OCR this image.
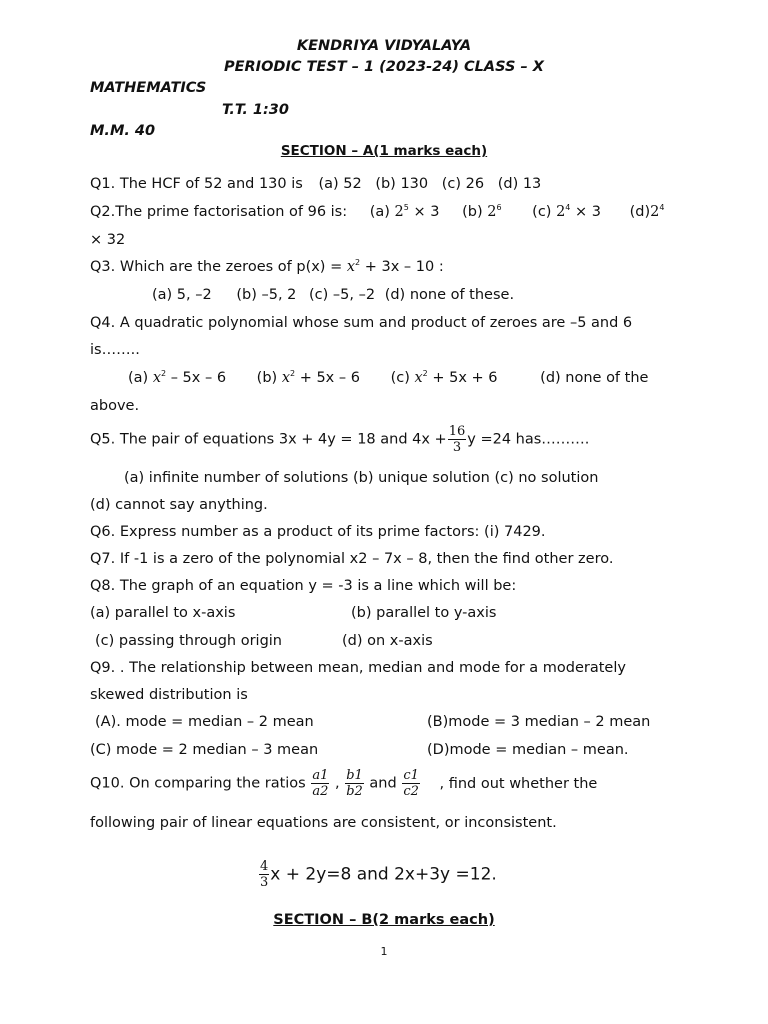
KENDRIYA VIDYALAYA
PERIODIC TEST – 1 (2023-24) CLASS – X
MATHEMATICS
T.T. 1:30
M.M. 40
SECTION – A(1 marks each)
Q1. The HCF of 52 and 130 is (a) 52 (b) 130 (c) 26 (d) 13
Q2.The prime factorisation of 96 is: (a) $2^5 \times 3$ (b) $2^6$ (c) $2^4 \times 3$ $(d)2^4$
× 32
Q3. Which are the zeroes of $p(x) = x^2 + 3x - 10$ :
(a) 5, –2 (b) –5, 2 (c) –5, –2 (d) none of these.
Q4. A quadratic polynomial whose sum and product of zeroes are –5 and 6
is……..
(a) $x^2 - 5x - 6$ (b) $x^2 + 5x - 6$ (c) $x^2 + 5x + 6$	(d) none of the
above.
Q5. The pair of equations 3x + 4y = 18 and $4x + \frac{16}{3}$ y =24 has……….
(a) infinite number of solutions (b) unique solution (c) no solution
(d) cannot say anything.
Q6. Express number as a product of its prime factors: (i) 7429.
Q7. If -1 is a zero of the polynomial x2 – 7x – 8, then the find other zero.
Q8. The graph of an equation y = -3 is a line which will be:
(a) parallel to x-axis	(b) parallel to y-axis
(c) passing through origin	(d) on x-axis
Q9. . The relationship between mean, median and mode for a moderately
skewed distribution is
(A). mode = median – 2 mean	(B)mode = 3 median – 2 mean
(C) mode = 2 median – 3 mean	(D)mode = median – mean.
Q10. On comparing the ratios $\frac{a1}{a2}$ , $\frac{b1}{b2}$ and $\frac{c1}{c2}$ , find out whether the
following pair of linear equations are consistent, or inconsistent.
$\frac{4}{3}$ x + 2y=8 and 2x+3y =12.
SECTION – B(2 marks each)
1
